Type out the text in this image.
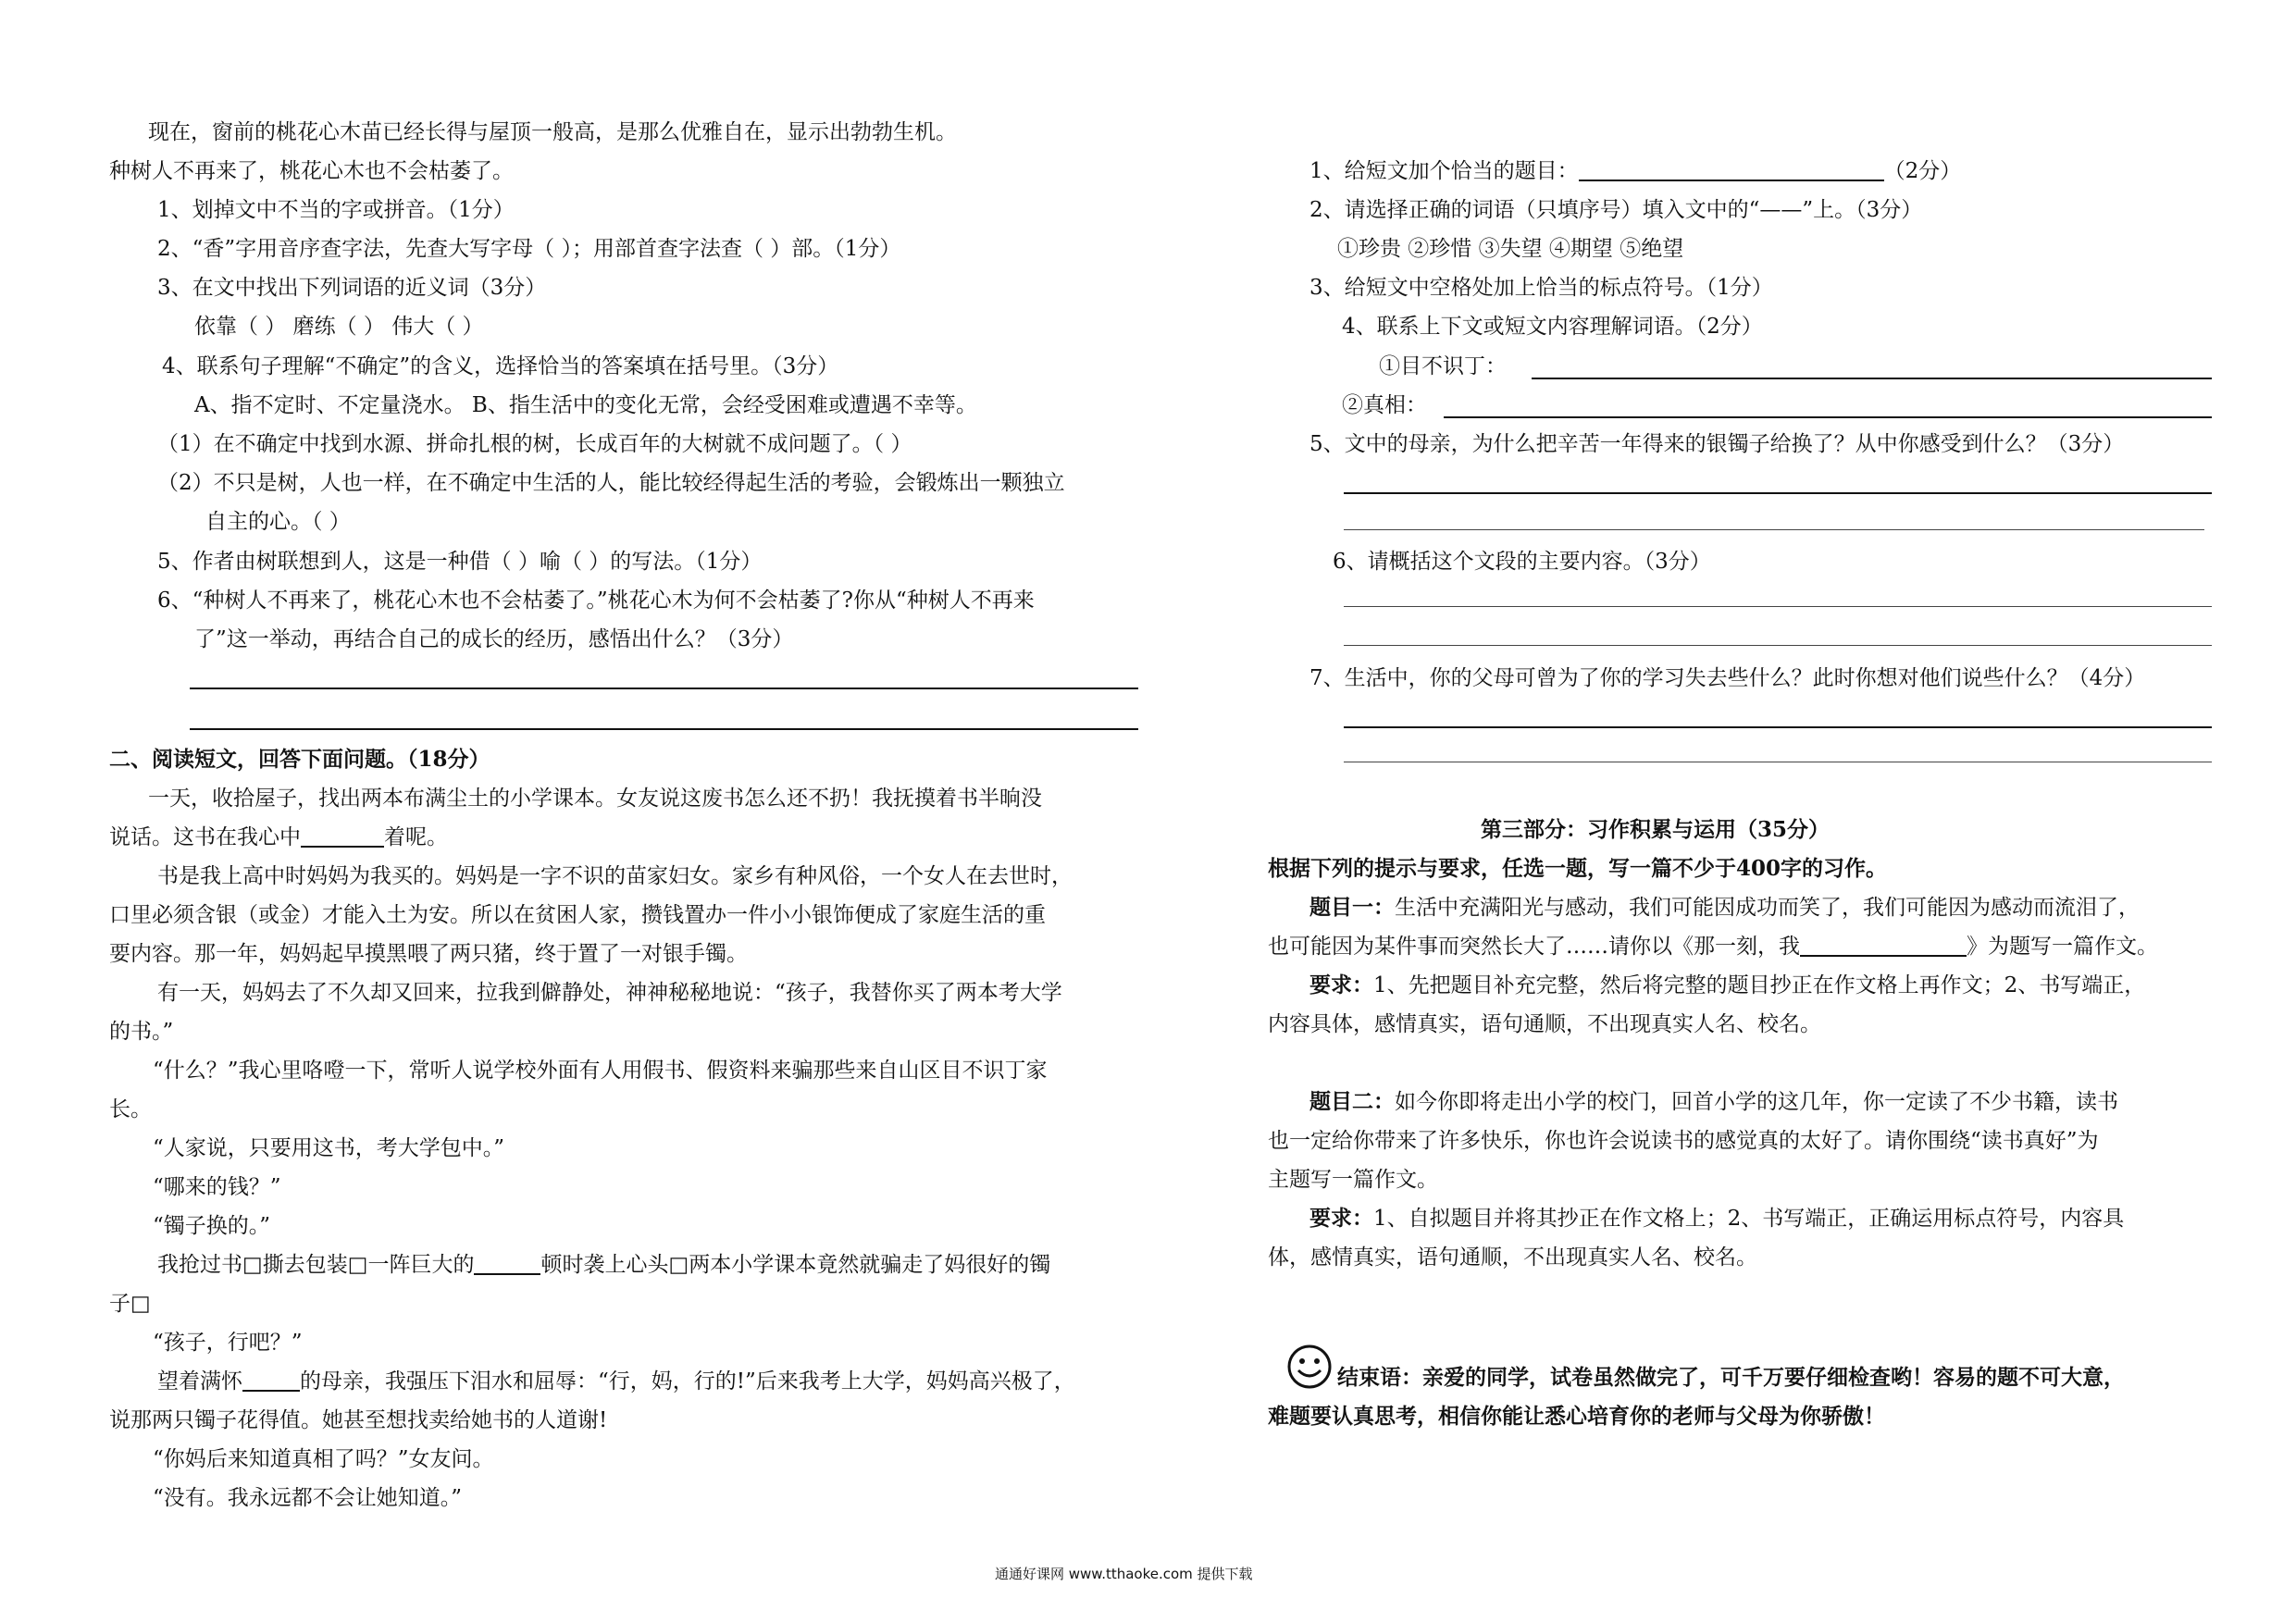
现在，窗前的桃花心木苗已经长得与屋顶一般高，是那么优雅自在，显示出勃勃生机。
种树人不再来了，桃花心木也不会枯萎了。
1、划掉文中不当的字或拼音。（1分）
2、“香”字用音序查字法，先查大写字母（ ）；用部首查字法查（ ）部。（1分）
3、在文中找出下列词语的近义词（3分）
依靠（ ） 磨练（ ） 伟大（ ）
4、联系句子理解“不确定”的含义，选择恰当的答案填在括号里。（3分）
A、指不定时、不定量浇水。 B、指生活中的变化无常，会经受困难或遭遇不幸等。
（1）在不确定中找到水源、拼命扎根的树，长成百年的大树就不成问题了。（ ）
（2）不只是树，人也一样，在不确定中生活的人，能比较经得起生活的考验，会锻炼出一颗独立
自主的心。（ ）
5、作者由树联想到人，这是一种借（ ）喻（ ）的写法。（1分）
6、“种树人不再来了，桃花心木也不会枯萎了。”桃花心木为何不会枯萎了?你从“种树人不再来
了”这一举动，再结合自己的成长的经历，感悟出什么？（3分）
二、阅读短文，回答下面问题。（18分）
一天，收拾屋子，找出两本布满尘土的小学课本。女友说这废书怎么还不扔！我抚摸着书半晌没
说话。这书在我心中	着呢。
书是我上高中时妈妈为我买的。妈妈是一字不识的苗家妇女。家乡有种风俗，一个女人在去世时，
口里必须含银（或金）才能入土为安。所以在贫困人家，攒钱置办一件小小银饰便成了家庭生活的重
要内容。那一年，妈妈起早摸黑喂了两只猪，终于置了一对银手镯。
有一天，妈妈去了不久却又回来，拉我到僻静处，神神秘秘地说：“孩子，我替你买了两本考大学
的书。”
“什么？”我心里咯噔一下，常听人说学校外面有人用假书、假资料来骗那些来自山区目不识丁家
长。
“人家说，只要用这书，考大学包中。”
“哪来的钱？”
“镯子换的。”
我抢过书□撕去包装□一阵巨大的	顿时袭上心头□两本小学课本竟然就骗走了妈很好的镯
子□
“孩子，行吧？”
望着满怀	的母亲，我强压下泪水和屈辱：“行，妈，行的!”后来我考上大学，妈妈高兴极了，
说那两只镯子花得值。她甚至想找卖给她书的人道谢!
“你妈后来知道真相了吗？”女友问。
“没有。我永远都不会让她知道。”
1、给短文加个恰当的题目：	（2分）
2、请选择正确的词语（只填序号）填入文中的“——”上。（3分）
①珍贵 ②珍惜 ③失望 ④期望 ⑤绝望
3、给短文中空格处加上恰当的标点符号。（1分）
4、联系上下文或短文内容理解词语。（2分）
①目不识丁：
②真相：
5、文中的母亲，为什么把辛苦一年得来的银镯子给换了？从中你感受到什么？（3分）
6、请概括这个文段的主要内容。（3分）
7、生活中，你的父母可曾为了你的学习失去些什么？此时你想对他们说些什么？（4分）
第三部分：习作积累与运用（35分）
根据下列的提示与要求，任选一题，写一篇不少于400字的习作。
题目一：生活中充满阳光与感动，我们可能因成功而笑了，我们可能因为感动而流泪了，
也可能因为某件事而突然长大了……请你以《那一刻，我	》为题写一篇作文。
要求：1、先把题目补充完整，然后将完整的题目抄正在作文格上再作文；2、书写端正，
内容具体，感情真实，语句通顺，不出现真实人名、校名。
题目二：如今你即将走出小学的校门，回首小学的这几年，你一定读了不少书籍，读书
也一定给你带来了许多快乐，你也许会说读书的感觉真的太好了。请你围绕“读书真好”为
主题写一篇作文。
要求：1、自拟题目并将其抄正在作文格上；2、书写端正，正确运用标点符号，内容具
体，感情真实，语句通顺，不出现真实人名、校名。
结束语：亲爱的同学，试卷虽然做完了，可千万要仔细检查哟！容易的题不可大意，
难题要认真思考，相信你能让悉心培育你的老师与父母为你骄傲！
通通好课网 www.tthaoke.com 提供下载
